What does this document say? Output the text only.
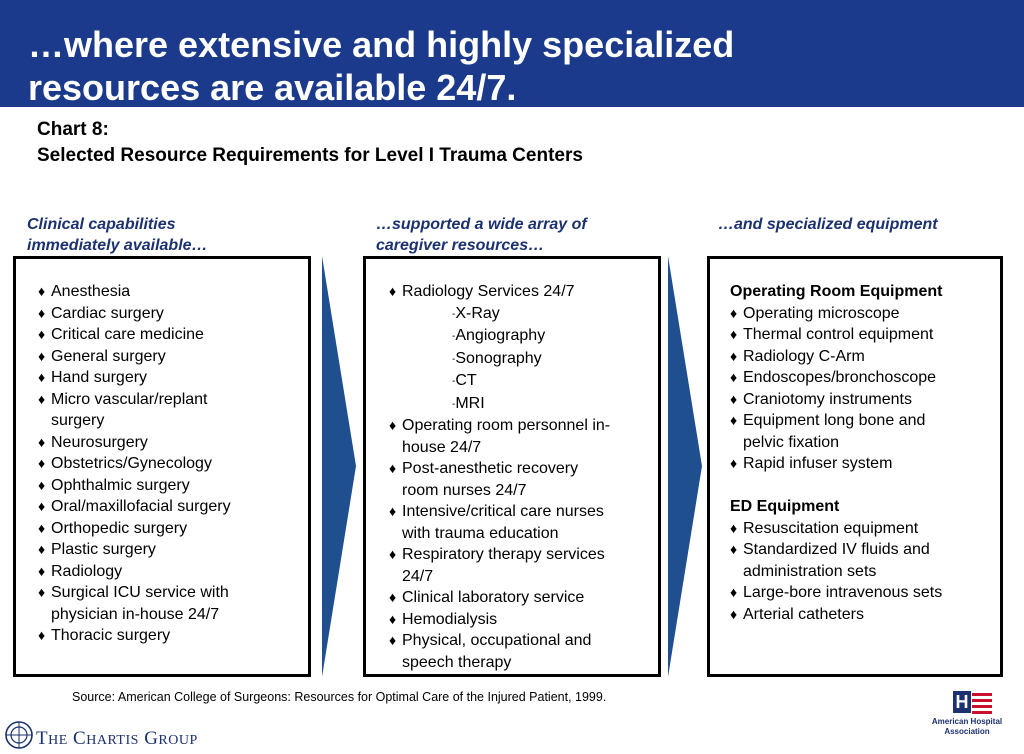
…where extensive and highly specialized
resources are available 24/7.
Chart 8:
Selected Resource Requirements for Level I Trauma Centers
Clinical capabilities
immediately available…
…supported a wide array of
caregiver resources…
…and specialized equipment
♦ Anesthesia
♦ Cardiac surgery
♦ Critical care medicine
♦ General surgery
♦ Hand surgery
♦ Micro vascular/replant
surgery
♦ Neurosurgery
♦ Obstetrics/Gynecology
♦ Ophthalmic surgery
♦ Oral/maxillofacial surgery
♦ Orthopedic surgery
♦ Plastic surgery
♦ Radiology
♦ Surgical ICU service with
physician in-house 24/7
♦ Thoracic surgery
♦ Radiology Services 24/7
-X-Ray
-Angiography
-Sonography
-CT
-MRI
♦ Operating room personnel in-
house 24/7
♦ Post-anesthetic recovery
room nurses 24/7
♦ Intensive/critical care nurses
with trauma education
♦ Respiratory therapy services
24/7
♦ Clinical laboratory service
♦ Hemodialysis
♦ Physical, occupational and
speech therapy
Operating Room Equipment
♦ Operating microscope
♦ Thermal control equipment
♦ Radiology C-Arm
♦ Endoscopes/bronchoscope
♦ Craniotomy instruments
♦ Equipment long bone and
pelvic fixation
♦ Rapid infuser system
ED Equipment
♦ Resuscitation equipment
♦ Standardized IV fluids and
administration sets
♦ Large-bore intravenous sets
♦ Arterial catheters
Source: American College of Surgeons: Resources for Optimal Care of the Injured Patient, 1999.
THE CHARTIS GROUP
H
American Hospital
Association
